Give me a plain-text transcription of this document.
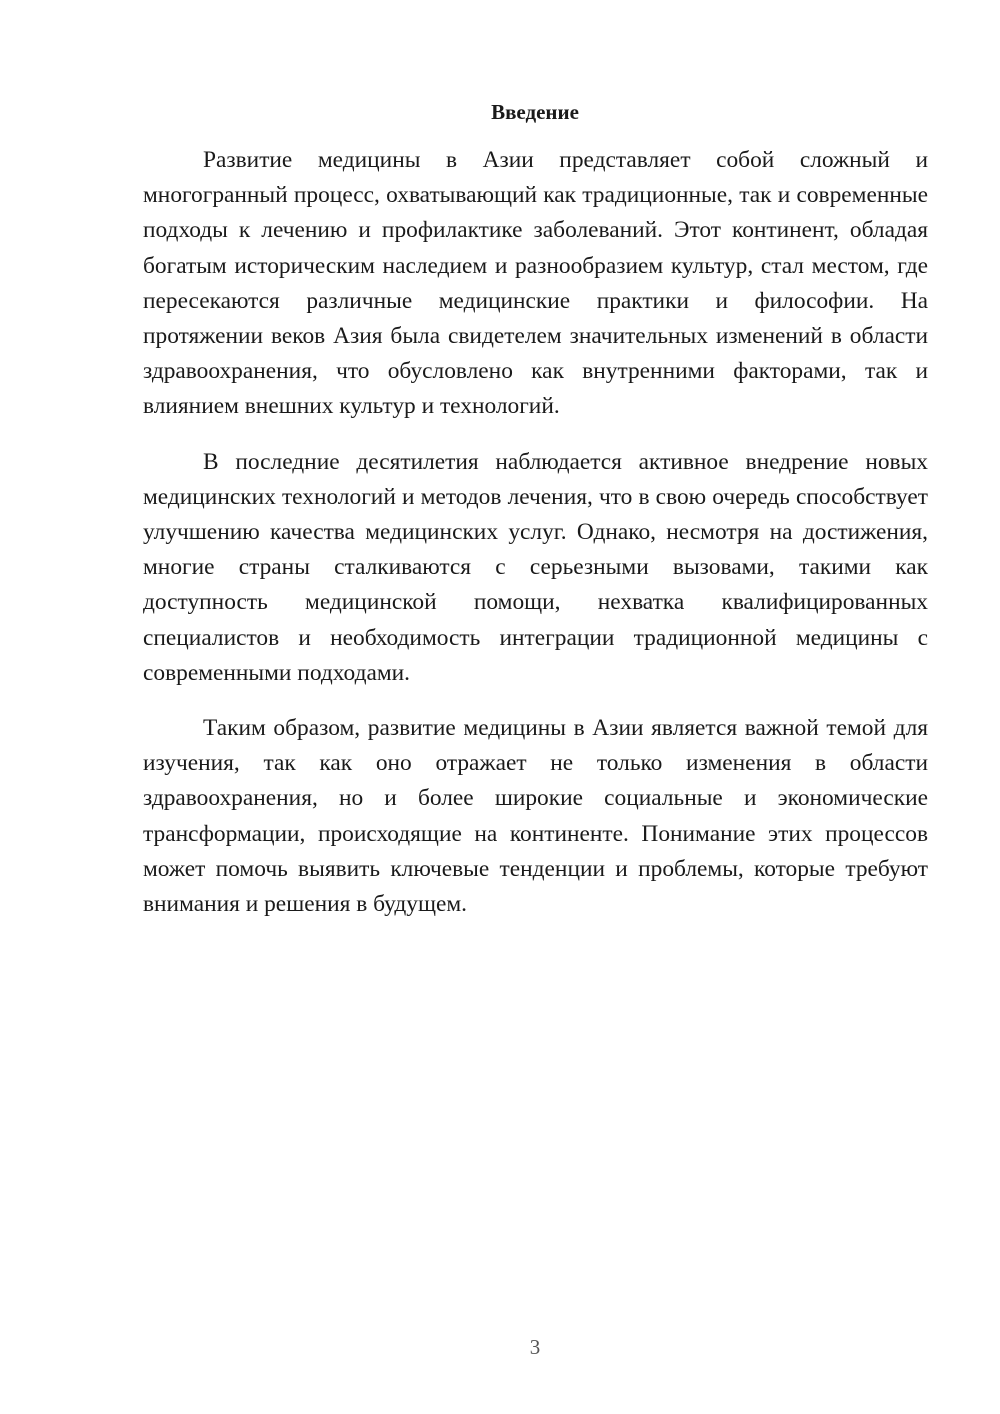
Введение

Развитие медицины в Азии представляет собой сложный и многогранный процесс, охватывающий как традиционные, так и современные подходы к лечению и профилактике заболеваний. Этот континент, обладая богатым историческим наследием и разнообразием культур, стал местом, где пересекаются различные медицинские практики и философии. На протяжении веков Азия была свидетелем значительных изменений в области здравоохранения, что обусловлено как внутренними факторами, так и влиянием внешних культур и технологий.

В последние десятилетия наблюдается активное внедрение новых медицинских технологий и методов лечения, что в свою очередь способствует улучшению качества медицинских услуг. Однако, несмотря на достижения, многие страны сталкиваются с серьезными вызовами, такими как доступность медицинской помощи, нехватка квалифицированных специалистов и необходимость интеграции традиционной медицины с современными подходами.

Таким образом, развитие медицины в Азии является важной темой для изучения, так как оно отражает не только изменения в области здравоохранения, но и более широкие социальные и экономические трансформации, происходящие на континенте. Понимание этих процессов может помочь выявить ключевые тенденции и проблемы, которые требуют внимания и решения в будущем.

3
